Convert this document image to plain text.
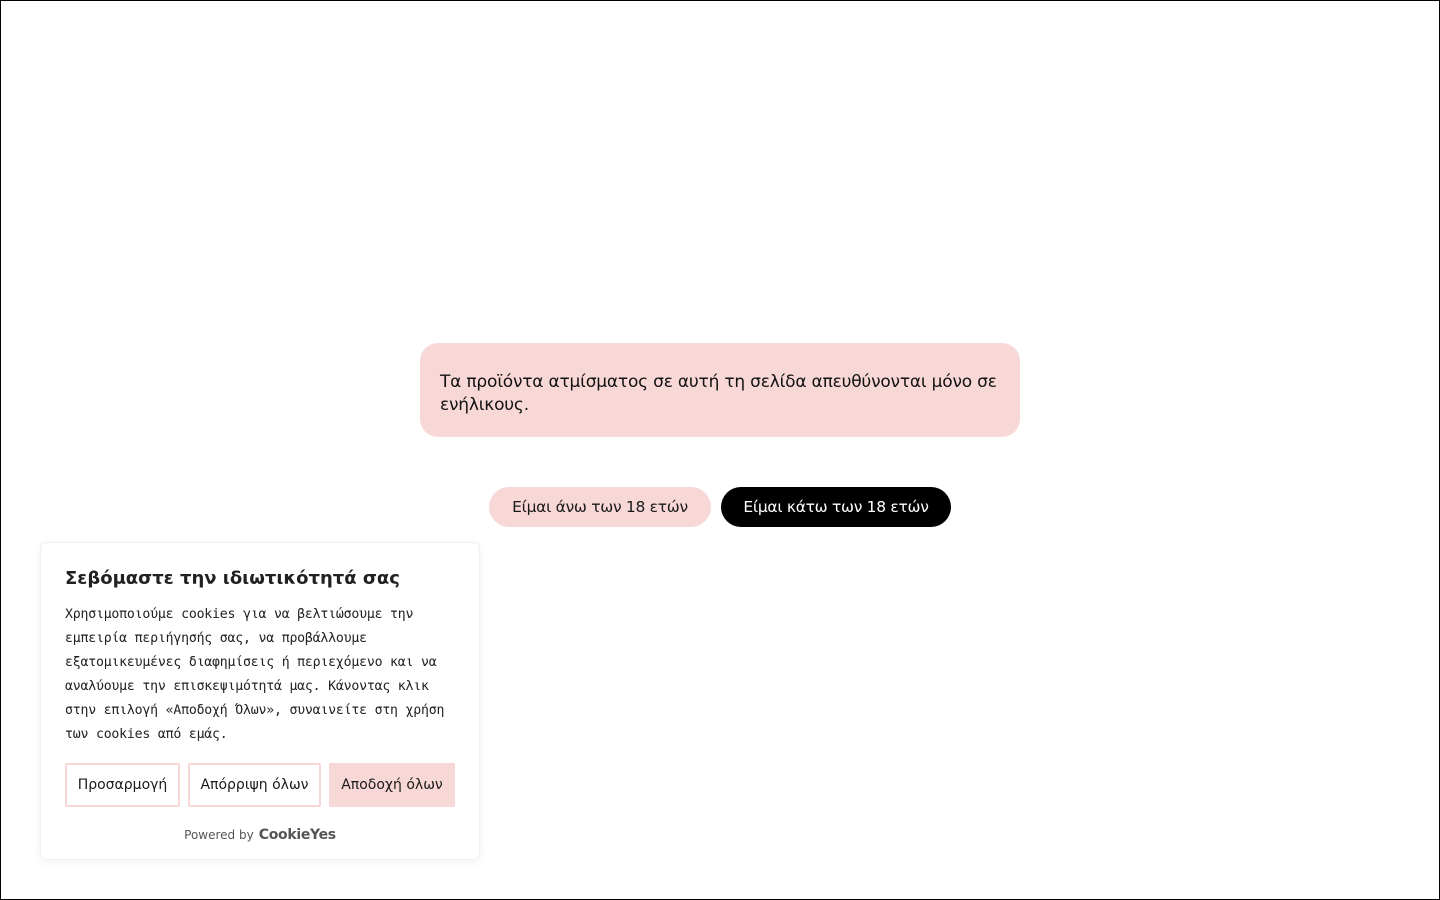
Τα προϊόντα ατμίσματος σε αυτή τη σελίδα απευθύνονται μόνο σε ενήλικους.
Είμαι άνω των 18 ετών	Είμαι κάτω των 18 ετών
Σεβόμαστε την ιδιωτικότητά σας
Χρησιμοποιούμε cookies για να βελτιώσουμε την εμπειρία περιήγησής σας, να προβάλλουμε εξατομικευμένες διαφημίσεις ή περιεχόμενο και να αναλύουμε την επισκεψιμότητά μας. Κάνοντας κλικ στην επιλογή «Αποδοχή Όλων», συναινείτε στη χρήση των cookies από εμάς.
Προσαρμογή	Απόρριψη όλων	Αποδοχή όλων
Powered by CookieYes
